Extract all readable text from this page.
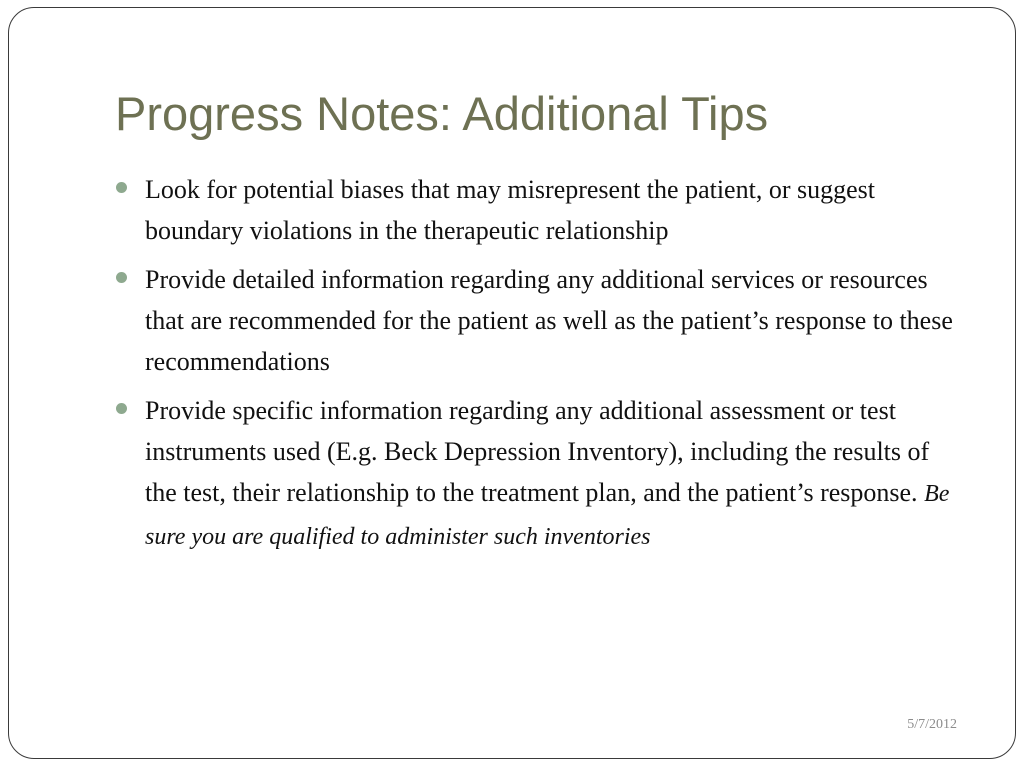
Progress Notes: Additional Tips
Look for potential biases that may misrepresent the patient, or suggest boundary violations in the therapeutic relationship
Provide detailed information regarding any additional services or resources that are recommended for the patient as well as the patient’s response to these recommendations
Provide specific information regarding any additional assessment or test instruments used (E.g. Beck Depression Inventory), including the results of the test, their relationship to the treatment plan, and the patient’s response. Be sure you are qualified to administer such inventories
5/7/2012
